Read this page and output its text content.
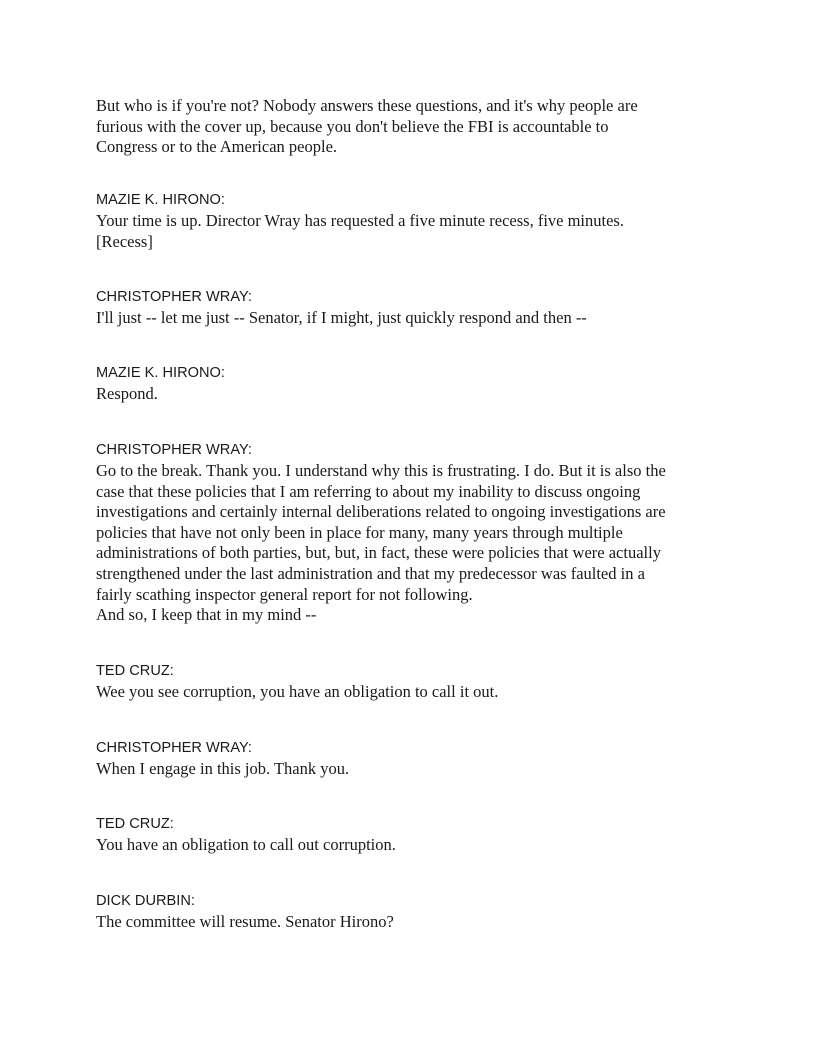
But who is if you're not? Nobody answers these questions, and it's why people are
furious with the cover up, because you don't believe the FBI is accountable to
Congress or to the American people.

MAZIE K. HIRONO:

Your time is up. Director Wray has requested a five minute recess, five minutes.
[Recess]

CHRISTOPHER WRAY:

I'll just -- let me just -- Senator, if I might, just quickly respond and then --

MAZIE K. HIRONO:

Respond.

CHRISTOPHER WRAY:

Go to the break. Thank you. I understand why this is frustrating. I do. But it is also the
case that these policies that I am referring to about my inability to discuss ongoing
investigations and certainly internal deliberations related to ongoing investigations are
policies that have not only been in place for many, many years through multiple
administrations of both parties, but, but, in fact, these were policies that were actually
strengthened under the last administration and that my predecessor was faulted in a
fairly scathing inspector general report for not following.
And so, I keep that in my mind --

TED CRUZ:

Wee you see corruption, you have an obligation to call it out.

CHRISTOPHER WRAY:

When I engage in this job. Thank you.

TED CRUZ:

You have an obligation to call out corruption.

DICK DURBIN:

The committee will resume. Senator Hirono?
